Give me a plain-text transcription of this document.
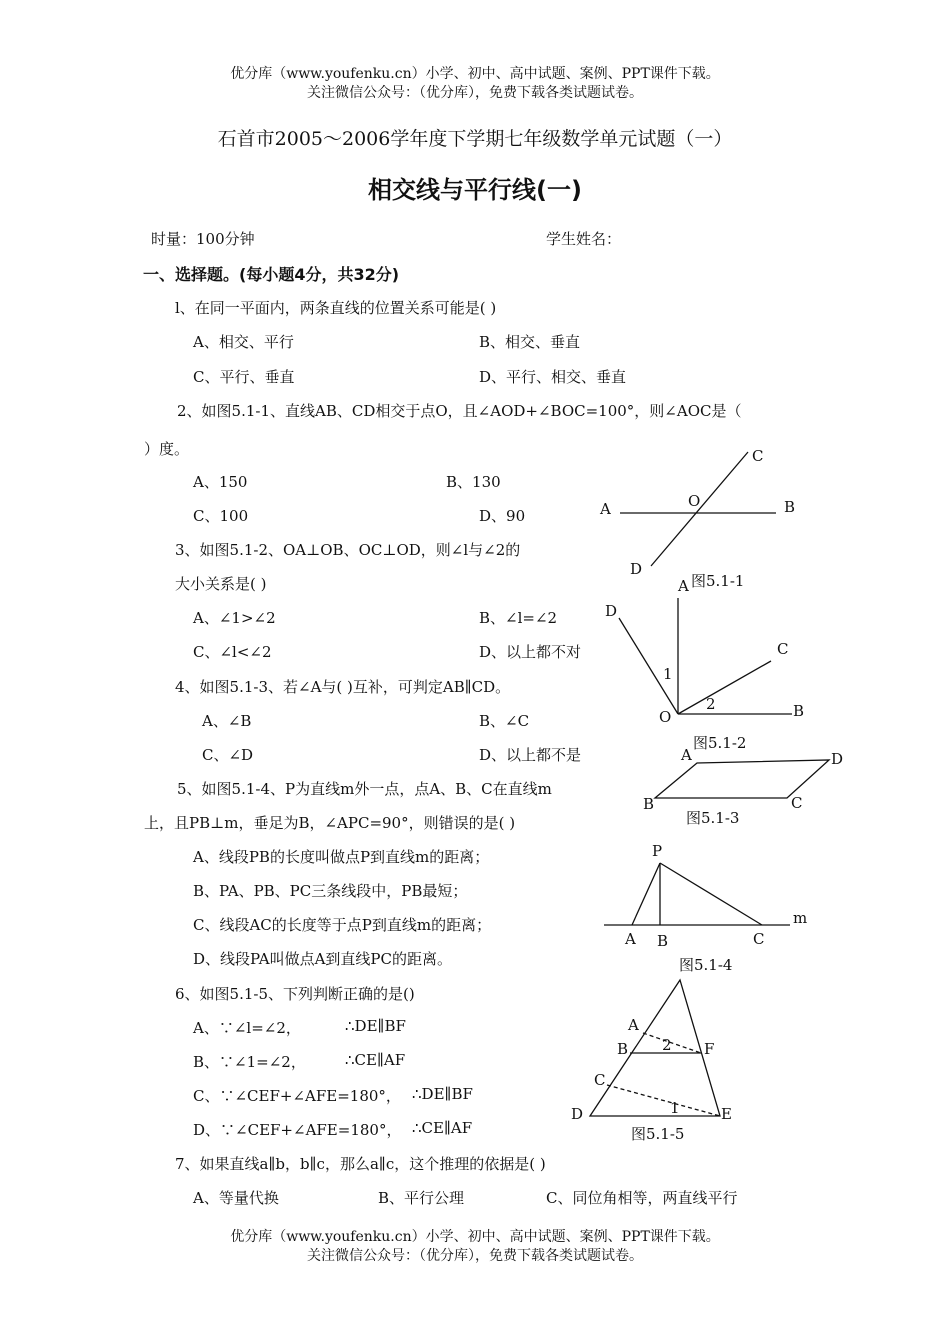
优分库（www.youfenku.cn）小学、初中、高中试题、案例、PPT课件下载。
关注微信公众号：（优分库），免费下载各类试题试卷。
石首市2005～2006学年度下学期七年级数学单元试题（一）
相交线与平行线(一)
时量：100分钟	学生姓名：
一、选择题。(每小题4分，共32分)
l、在同一平面内，两条直线的位置关系可能是( )
A、相交、平行	B、相交、垂直
C、平行、垂直	D、平行、相交、垂直
2、如图5.1-1、直线AB、CD相交于点O，且∠AOD+∠BOC=100°，则∠AOC是（
）度。
A、150	B、130
C、100	D、90
3、如图5.1-2、OA⊥OB、OC⊥OD，则∠l与∠2的
大小关系是( )
A、∠1>∠2	B、∠l=∠2
C、∠l<∠2	D、以上都不对
4、如图5.1-3、若∠A与( )互补，可判定AB∥CD。
A、∠B	B、∠C
C、∠D	D、以上都不是
5、如图5.1-4、P为直线m外一点，点A、B、C在直线m
上，且PB⊥m，垂足为B，∠APC=90°，则错误的是( )
A、线段PB的长度叫做点P到直线m的距离；
B、PA、PB、PC三条线段中，PB最短；
C、线段AC的长度等于点P到直线m的距离；
D、线段PA叫做点A到直线PC的距离。
6、如图5.1-5、下列判断正确的是()
A、∵∠l=∠2，	∴DE∥BF
B、∵∠1=∠2，	∴CE∥AF
C、∵∠CEF+∠AFE=180°， ∴DE∥BF
D、∵∠CEF+∠AFE=180°， ∴CE∥AF
7、如果直线a∥b，b∥c，那么a∥c，这个推理的依据是( )
A、等量代换	B、平行公理	C、同位角相等，两直线平行
A	B
C
D
O
图5.1-1
A
B
C
D
O
1
2
图5.1-2
A
B	C
D
图5.1-3
P
A B	C
m
图5.1-4
A
B
C
D	E
F
1
2
图5.1-5
优分库（www.youfenku.cn）小学、初中、高中试题、案例、PPT课件下载。
关注微信公众号：（优分库），免费下载各类试题试卷。
